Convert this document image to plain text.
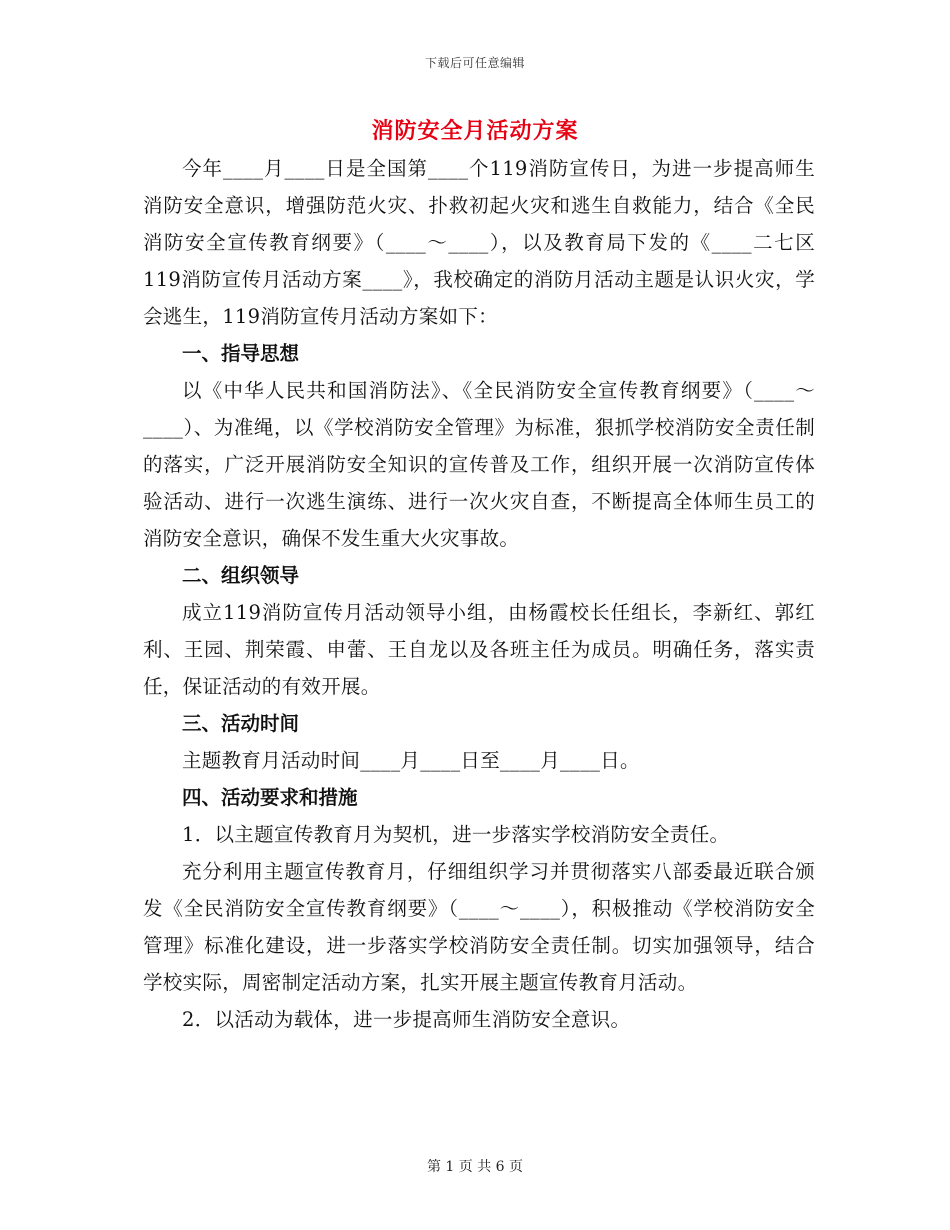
下载后可任意编辑
消防安全月活动方案

今年____月____日是全国第____个119消防宣传日，为进一步提高师生消防安全意识，增强防范火灾、扑救初起火灾和逃生自救能力，结合《全民消防安全宣传教育纲要》（____～____），以及教育局下发的《____二七区119消防宣传月活动方案____》，我校确定的消防月活动主题是认识火灾，学会逃生，119消防宣传月活动方案如下：

一、指导思想

以《中华人民共和国消防法》、《全民消防安全宣传教育纲要》（____～____）、为准绳，以《学校消防安全管理》为标准，狠抓学校消防安全责任制的落实，广泛开展消防安全知识的宣传普及工作，组织开展一次消防宣传体验活动、进行一次逃生演练、进行一次火灾自查，不断提高全体师生员工的消防安全意识，确保不发生重大火灾事故。

二、组织领导

成立119消防宣传月活动领导小组，由杨霞校长任组长，李新红、郭红利、王园、荆荣霞、申蕾、王自龙以及各班主任为成员。明确任务，落实责任，保证活动的有效开展。

三、活动时间

主题教育月活动时间____月____日至____月____日。

四、活动要求和措施

1．以主题宣传教育月为契机，进一步落实学校消防安全责任。

充分利用主题宣传教育月，仔细组织学习并贯彻落实八部委最近联合颁发《全民消防安全宣传教育纲要》（____～____），积极推动《学校消防安全管理》标准化建设，进一步落实学校消防安全责任制。切实加强领导，结合学校实际，周密制定活动方案，扎实开展主题宣传教育月活动。

2．以活动为载体，进一步提高师生消防安全意识。

第 1 页 共 6 页
